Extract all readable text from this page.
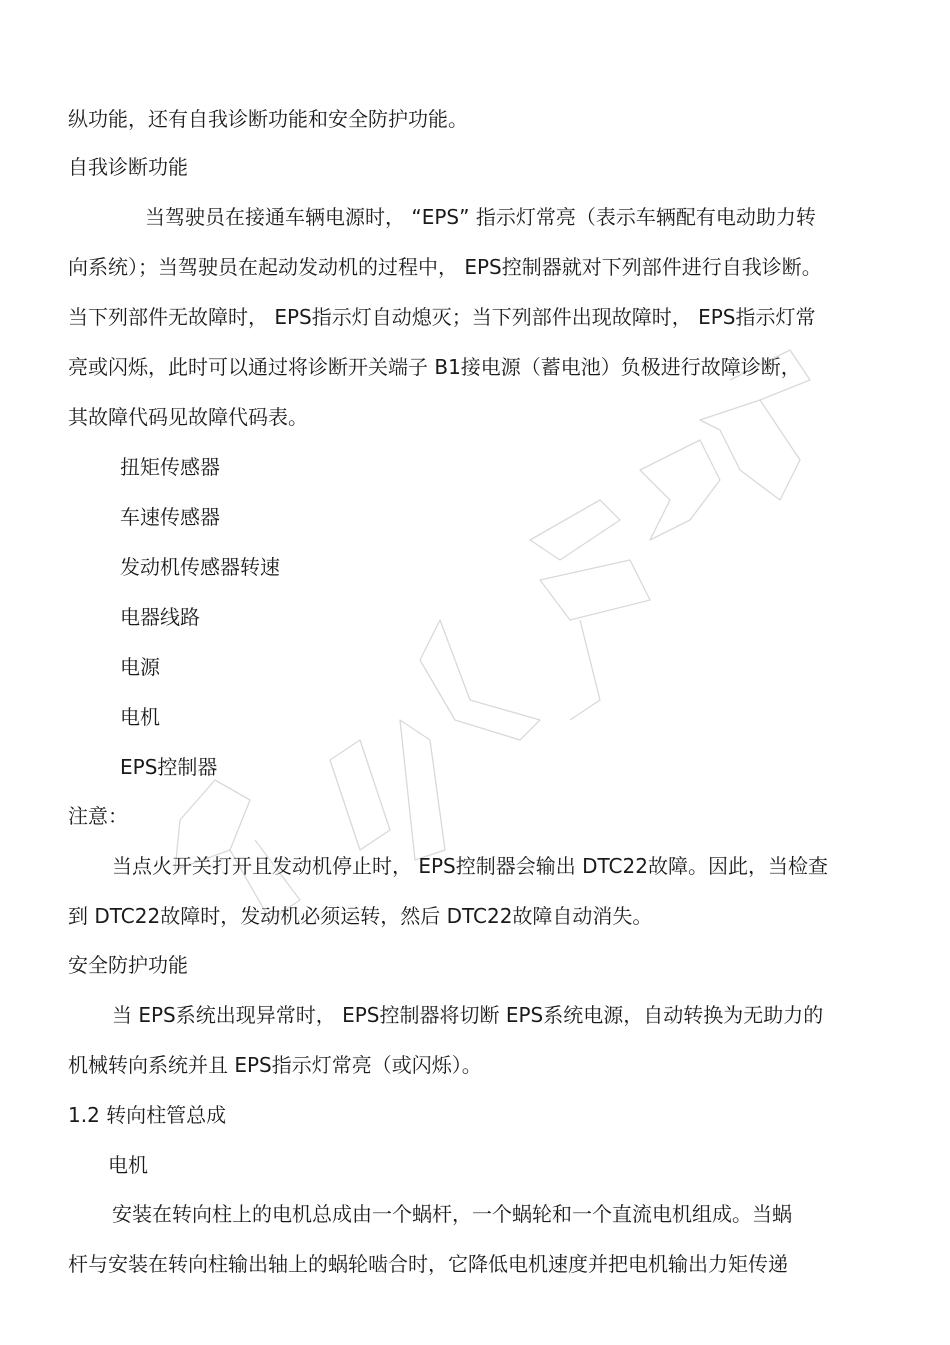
纵功能，还有自我诊断功能和安全防护功能。
自我诊断功能
当驾驶员在接通车辆电源时， “EPS” 指示灯常亮（表示车辆配有电动助力转
向系统）；当驾驶员在起动发动机的过程中， EPS控制器就对下列部件进行自我诊断。
当下列部件无故障时， EPS指示灯自动熄灭；当下列部件出现故障时， EPS指示灯常
亮或闪烁，此时可以通过将诊断开关端子 B1接电源（蓄电池）负极进行故障诊断，
其故障代码见故障代码表。
扭矩传感器
车速传感器
发动机传感器转速
电器线路
电源
电机
EPS控制器
注意：
当点火开关打开且发动机停止时， EPS控制器会输出 DTC22故障。因此，当检查
到 DTC22故障时，发动机必须运转，然后 DTC22故障自动消失。
安全防护功能
当 EPS系统出现异常时， EPS控制器将切断 EPS系统电源，自动转换为无助力的
机械转向系统并且 EPS指示灯常亮（或闪烁）。
1.2 转向柱管总成
电机
安装在转向柱上的电机总成由一个蜗杆，一个蜗轮和一个直流电机组成。当蜗
杆与安装在转向柱输出轴上的蜗轮啮合时，它降低电机速度并把电机输出力矩传递
